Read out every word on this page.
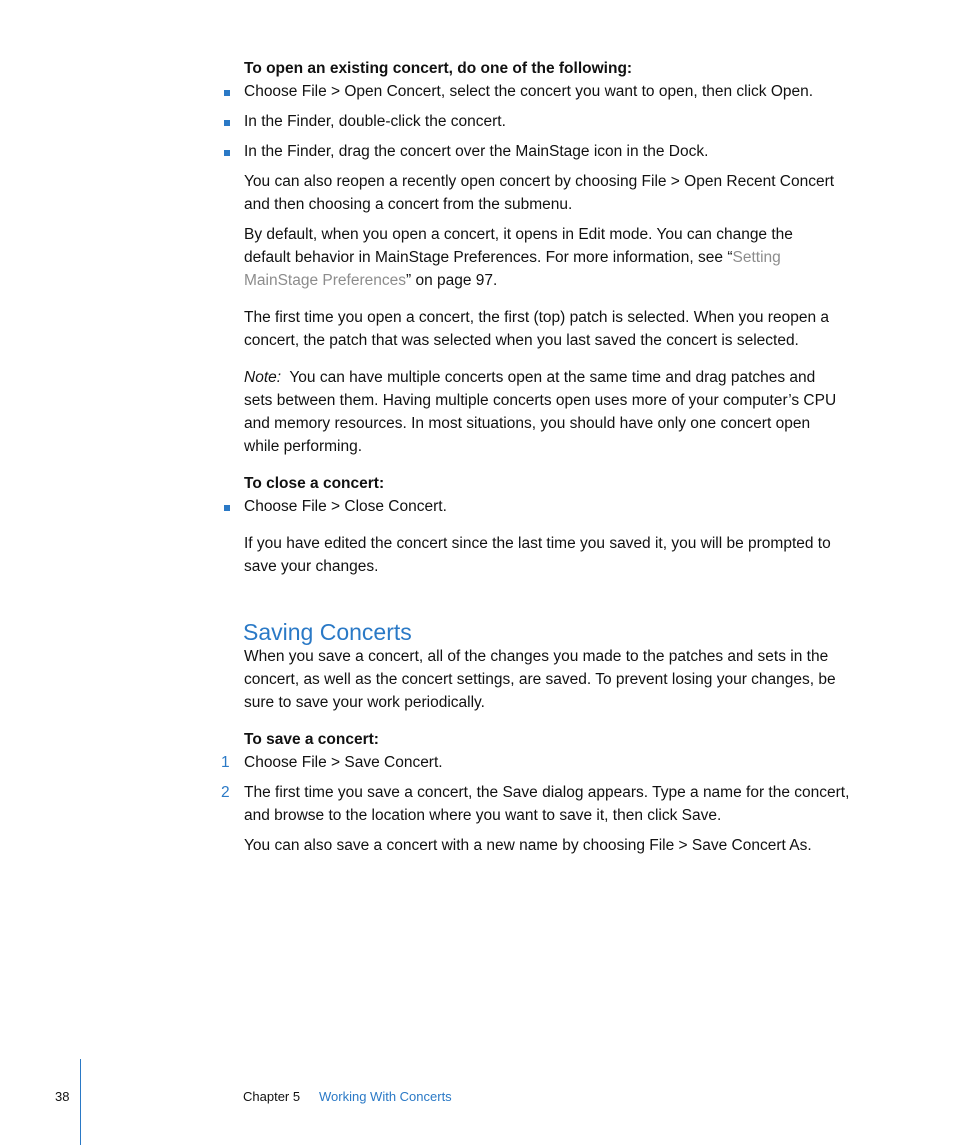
To open an existing concert, do one of the following:
Choose File > Open Concert, select the concert you want to open, then click Open.
In the Finder, double-click the concert.
In the Finder, drag the concert over the MainStage icon in the Dock.
You can also reopen a recently open concert by choosing File > Open Recent Concert
and then choosing a concert from the submenu.
By default, when you open a concert, it opens in Edit mode. You can change the
default behavior in MainStage Preferences. For more information, see “Setting
MainStage Preferences” on page 97.
The first time you open a concert, the first (top) patch is selected. When you reopen a
concert, the patch that was selected when you last saved the concert is selected.
Note:  You can have multiple concerts open at the same time and drag patches and
sets between them. Having multiple concerts open uses more of your computer’s CPU
and memory resources. In most situations, you should have only one concert open
while performing.
To close a concert:
Choose File > Close Concert.
If you have edited the concert since the last time you saved it, you will be prompted to
save your changes.
Saving Concerts
When you save a concert, all of the changes you made to the patches and sets in the
concert, as well as the concert settings, are saved. To prevent losing your changes, be
sure to save your work periodically.
To save a concert:
1 Choose File > Save Concert.
2 The first time you save a concert, the Save dialog appears. Type a name for the concert,
and browse to the location where you want to save it, then click Save.
You can also save a concert with a new name by choosing File > Save Concert As.
38	Chapter 5 Working With Concerts
